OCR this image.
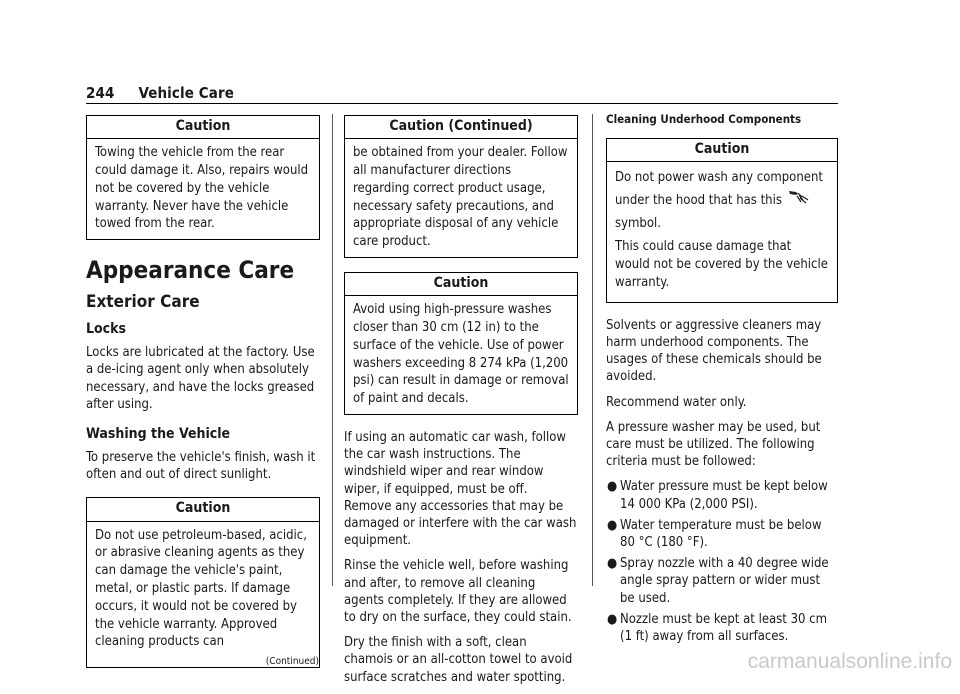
244 Vehicle Care
Caution
Towing the vehicle from the rear could damage it. Also, repairs would not be covered by the vehicle warranty. Never have the vehicle towed from the rear.
Appearance Care
Exterior Care
Locks

Locks are lubricated at the factory. Use a de-icing agent only when absolutely necessary, and have the locks greased after using.

Washing the Vehicle

To preserve the vehicle's finish, wash it often and out of direct sunlight.

Caution
Do not use petroleum-based, acidic, or abrasive cleaning agents as they can damage the vehicle's paint, metal, or plastic parts. If damage occurs, it would not be covered by the vehicle warranty. Approved cleaning products can
(Continued)
Caution (Continued)
be obtained from your dealer. Follow all manufacturer directions regarding correct product usage, necessary safety precautions, and appropriate disposal of any vehicle care product.
Caution
Avoid using high-pressure washes closer than 30 cm (12 in) to the surface of the vehicle. Use of power washers exceeding 8 274 kPa (1,200 psi) can result in damage or removal of paint and decals.

If using an automatic car wash, follow the car wash instructions. The windshield wiper and rear window wiper, if equipped, must be off. Remove any accessories that may be damaged or interfere with the car wash equipment.

Rinse the vehicle well, before washing and after, to remove all cleaning agents completely. If they are allowed to dry on the surface, they could stain.

Dry the finish with a soft, clean chamois or an all-cotton towel to avoid surface scratches and water spotting.

Cleaning Underhood Components
Caution

Do not power wash any component under the hood that has this
symbol.

This could cause damage that would not be covered by the vehicle warranty.

Solvents or aggressive cleaners may harm underhood components. The usages of these chemicals should be avoided.

Recommend water only.

A pressure washer may be used, but care must be utilized. The following criteria must be followed:

● Water pressure must be kept below 14 000 KPa (2,000 PSI).
● Water temperature must be below 80 °C (180 °F).
● Spray nozzle with a 40 degree wide angle spray pattern or wider must be used.
● Nozzle must be kept at least 30 cm (1 ft) away from all surfaces.
carmanualsonline.info
